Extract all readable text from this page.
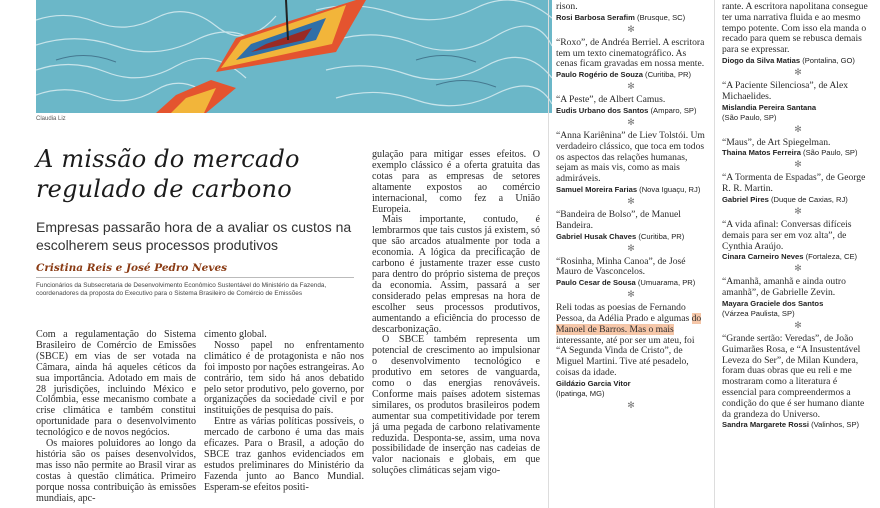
Claudia Liz
A missão do mercado regulado de carbono
Empresas passarão hora de a avaliar os custos na escolherem seus processos produtivos
Cristina Reis e José Pedro Neves
Funcionários da Subsecretaria de Desenvolvimento Econômico Sustentável do Ministério da Fazenda, coordenadores da proposta do Executivo para o Sistema Brasileiro de Comércio de Emissões

Com a regulamentação do Sistema Brasileiro de Comércio de Emissões (SBCE) em vias de ser votada na Câmara, ainda há aqueles céticos da sua importância. Adotado em mais de 28 jurisdições, incluindo México e Colômbia, esse mecanismo combate a crise climática e também constitui oportunidade para o desenvolvimento tecnológico e de novos negócios.

Os maiores poluidores ao longo da história são os países desenvolvidos, mas isso não permite ao Brasil virar as costas à questão climática. Primeiro porque nossa contribuição às emissões mundiais, apc-

cimento global.

Nosso papel no enfrentamento climático é de protagonista e não nos foi imposto por nações estrangeiras. Ao contrário, tem sido há anos debatido pelo setor produtivo, pelo governo, por organizações da sociedade civil e por instituições de pesquisa do país.

Entre as várias políticas possíveis, o mercado de carbono é uma das mais eficazes. Para o Brasil, a adoção do SBCE traz ganhos evidenciados em estudos preliminares do Ministério da Fazenda junto ao Banco Mundial. Esperam-se efeitos positi-

gulação para mitigar esses efeitos. O exemplo clássico é a oferta gratuita das cotas para as empresas de setores altamente expostos ao comércio internacional, como fez a União Europeia.

Mais importante, contudo, é lembrarmos que tais custos já existem, só que são arcados atualmente por toda a economia. A lógica da precificação de carbono é justamente trazer esse custo para dentro do próprio sistema de preços da economia. Assim, passará a ser considerado pelas empresas na hora de escolher seus processos produtivos, aumentando a eficiência do processo de descarbonização.

O SBCE também representa um potencial de crescimento ao impulsionar o desenvolvimento tecnológico e produtivo em setores de vanguarda, como o das energias renováveis. Conforme mais países adotem sistemas similares, os produtos brasileiros podem aumentar sua competitividade por terem já uma pegada de carbono relativamente reduzida. Desponta-se, assim, uma nova possibilidade de inserção nas cadeias de valor nacionais e globais, em que soluções climáticas sejam vigo-

rison.

Rosi Barbosa Serafim (Brusque, SC)

✻

“Roxo”, de Andréa Berriel. A escritora tem um texto cinematográfico. As cenas ficam gravadas em nossa mente.

Paulo Rogério de Souza (Curitiba, PR)

✻

“A Peste”, de Albert Camus.

Eudis Urbano dos Santos (Amparo, SP)

✻

“Anna Kariênina” de Liev Tolstói. Um verdadeiro clássico, que toca em todos os aspectos das relações humanas, sejam as mais vis, como as mais admiráveis.

Samuel Moreira Farias (Nova Iguaçu, RJ)

✻

“Bandeira de Bolso”, de Manuel Bandeira.

Gabriel Husak Chaves (Curitiba, PR)

✻

“Rosinha, Minha Canoa”, de José Mauro de Vasconcelos.

Paulo Cesar de Sousa (Umuarama, PR)

✻

Reli todas as poesias de Fernando Pessoa, da Adélia Prado e algumas do Manoel de Barros. Mas o mais interessante, até por ser um ateu, foi “A Segunda Vinda de Cristo”, de Miguel Martini. Tive até pesadelo, coisas da idade.

Gildázio Garcia Vitor

(Ipatinga, MG)

✻

rante. A escritora napolitana consegue ter uma narrativa fluida e ao mesmo tempo potente. Com isso ela manda o recado para quem se rebusca demais para se expressar.

Diogo da Silva Matias (Pontalina, GO)

✻

“A Paciente Silenciosa”, de Alex Michaelides.

Mislandia Pereira Santana

(São Paulo, SP)

✻

“Maus”, de Art Spiegelman.

Thaina Matos Ferreira (São Paulo, SP)

✻

“A Tormenta de Espadas”, de George R. R. Martin.

Gabriel Pires (Duque de Caxias, RJ)

✻

“A vida afinal: Conversas difíceis demais para ser em voz alta”, de Cynthia Araújo.

Cinara Carneiro Neves (Fortaleza, CE)

✻

“Amanhã, amanhã e ainda outro amanhã”, de Gabrielle Zevin.

Mayara Graciele dos Santos

(Várzea Paulista, SP)

✻

“Grande sertão: Veredas”, de João Guimarães Rosa, e “A Insustentável Leveza do Ser”, de Milan Kundera, foram duas obras que eu reli e me mostraram como a literatura é essencial para compreendermos a condição do que é ser humano diante da grandeza do Universo.

Sandra Margarete Rossi (Valinhos, SP)
